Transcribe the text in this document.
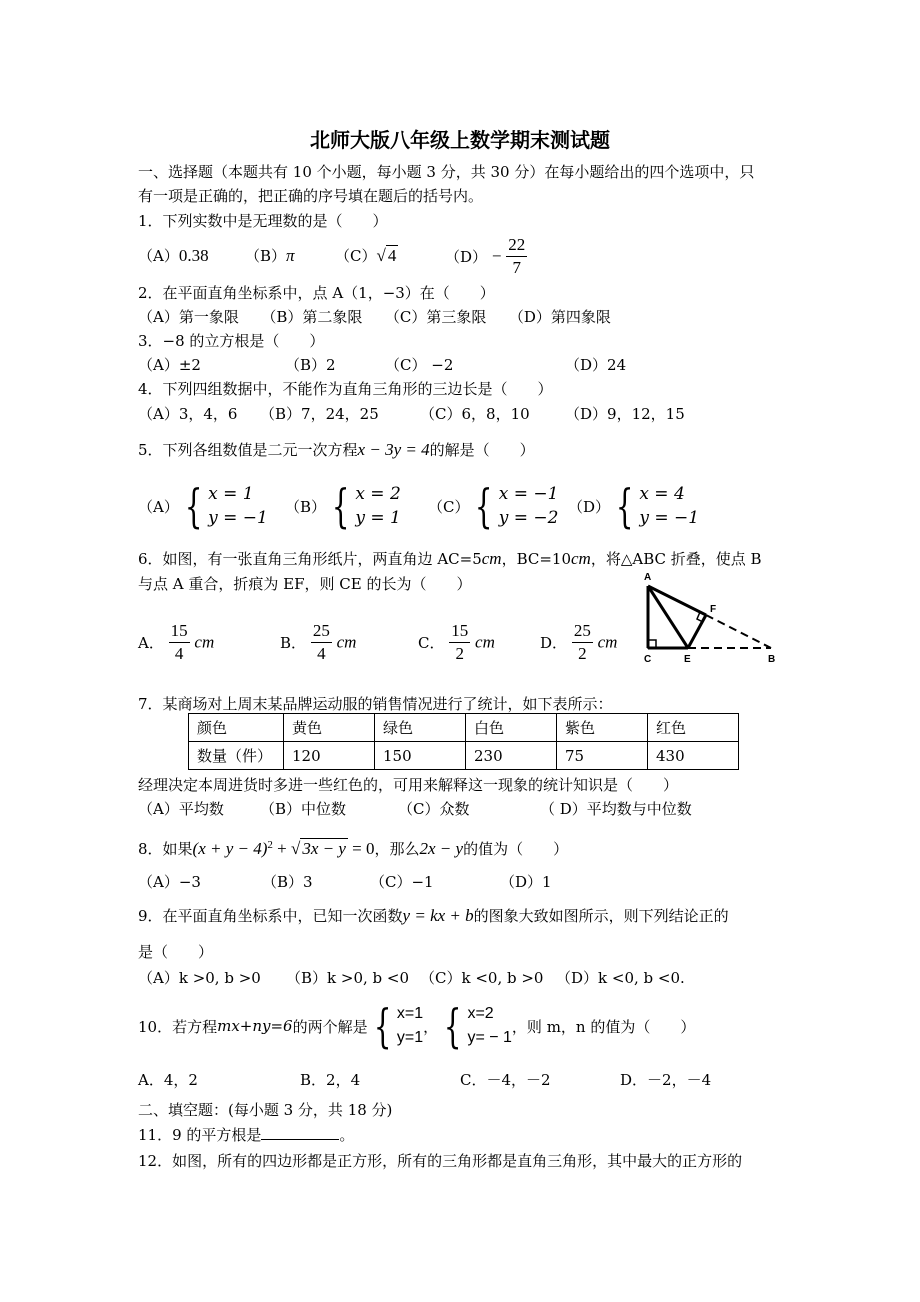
北师大版八年级上数学期末测试题
一、选择题（本题共有 10 个小题，每小题 3 分，共 30 分）在每小题给出的四个选项中，只
有一项是正确的，把正确的序号填在题后的括号内。
1．下列实数中是无理数的是（　　）
（A）0.38 （B）π	（C）√ 4	$(D) - \frac{22}{7}$
2．在平面直角坐标系中，点 A（1，−3）在（　　）
（A）第一象限　　（B）第二象限　　（C）第三象限　　（D）第四象限
3．−8 的立方根是（　　）
（A）±2	（B）2	（C） −2	（D）24
4．下列四组数据中，不能作为直角三角形的三边长是（　　）
（A）3，4，6 （B）7，24，25	（C）6，8，10 （D）9，12，15
5．下列各组数值是二元一次方程x − 3y = 4的解是（　　）
（A） { x = 1
y = −1
（B） { x = 2
y = 1
（C） { x = −1
y = −2
（D） { x = 4
y = −1
6．如图，有一张直角三角形纸片，两直角边 AC=5cm，BC=10cm，将△ABC 折叠，使点 B
与点 A 重合，折痕为 EF，则 CE 的长为（　　）
A． $\frac{15}{4}$ cm	B． $\frac{25}{4}$ cm	C． $\frac{15}{2}$ cm	D． $\frac{25}{2}$ cm
A
F
C	E	B
7．某商场对上周末某品牌运动服的销售情况进行了统计，如下表所示：
颜色	黄色	绿色	白色	紫色	红色
数量（件）	120	150	230	75	430
经理决定本周进货时多进一些红色的，可用来解释这一现象的统计知识是（　　）
（A）平均数 （B）中位数	（C）众数	（ D）平均数与中位数
8．如果$(x + y - 4)^2$ + √ 3x − y = 0，那么2x − y的值为（　　）
（A）−3	（B）3	（C）−1	（D）1
9．在平面直角坐标系中，已知一次函数y = kx + b的图象大致如图所示，则下列结论正的
是（　　）
（A）k >0, b >0 （B）k >0, b <0 （C）k <0, b >0 （D）k <0, b <0.
10．若方程 mx+ny=6 的两个解是 { x=1
y=1
， { x=2
y= − 1
，则 m，n 的值为（　　）
A．4，2	B．2，4	C．－4，－2	D．－2，－4
二、填空题：(每小题 3 分，共 18 分)
11．9 的平方根是	。
12．如图，所有的四边形都是正方形，所有的三角形都是直角三角形，其中最大的正方形的
